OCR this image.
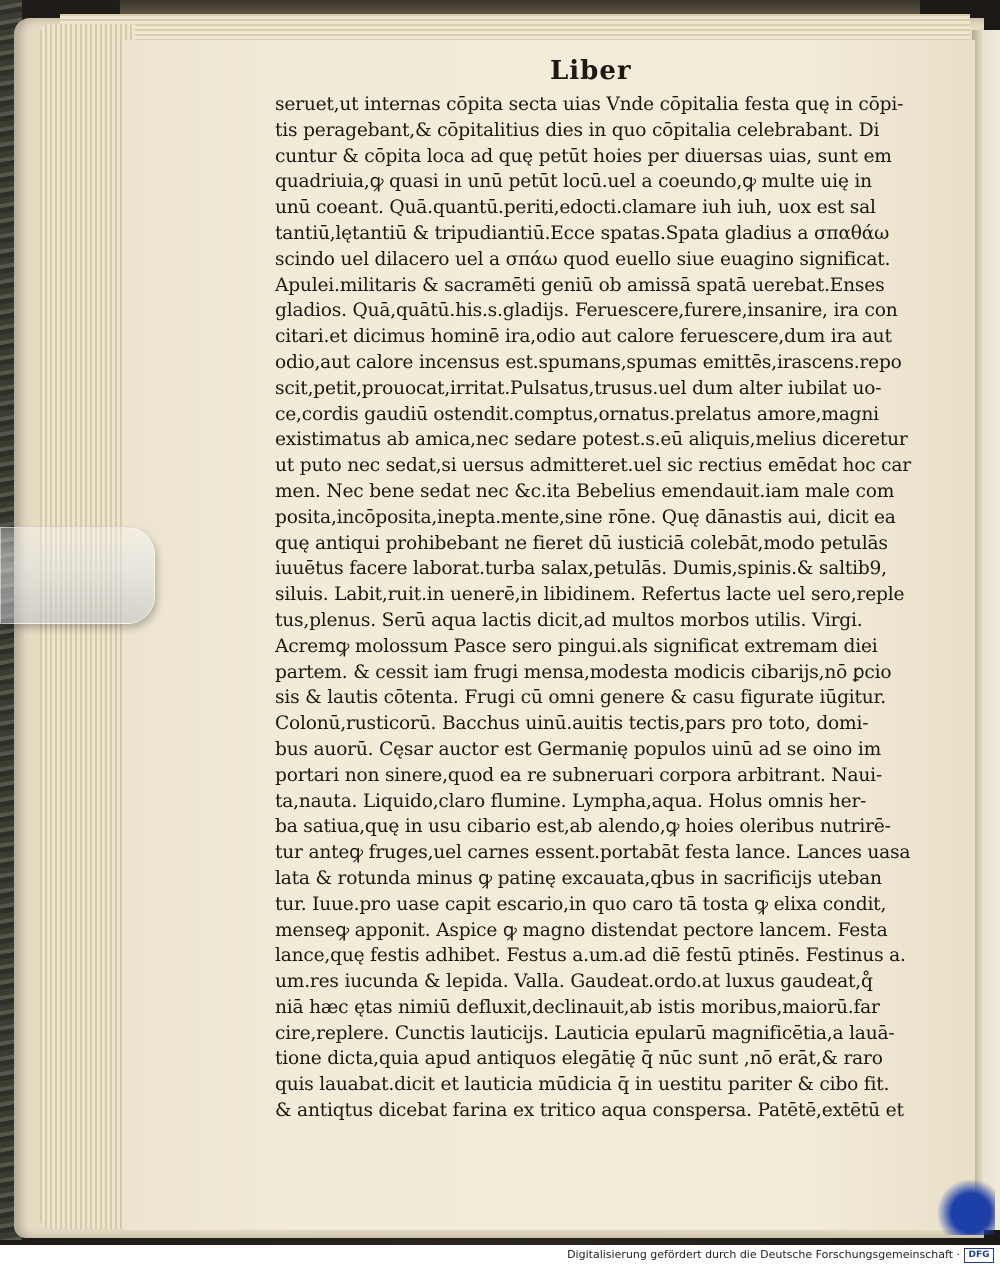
Liber
seruet,ut internas cōpita secta uias Vnde cōpitalia festa quę in cōpi-
tis peragebant,& cōpitalitius dies in quo cōpitalia celebrabant. Di
cuntur & cōpita loca ad quę petūt hoies per diuersas uias, sunt em
quadriuia,ꝙ quasi in unū petūt locū.uel a coeundo,ꝙ multe uię in
unū coeant. Quā.quantū.periti,edocti.clamare iuh iuh, uox est sal
tantiū,lętantiū & tripudiantiū.Ecce spatas.Spata gladius a σπαθάω
scindo uel dilacero uel a σπάω quod euello siue euagino significat.
Apulei.militaris & sacramēti geniū ob amissā spatā uerebat.Enses
gladios. Quā,quātū.his.s.gladijs. Feruescere,furere,insanire, ira con
citari.et dicimus hominē ira,odio aut calore feruescere,dum ira aut
odio,aut calore incensus est.spumans,spumas emittēs,irascens.repo
scit,petit,prouocat,irritat.Pulsatus,trusus.uel dum alter iubilat uo-
ce,cordis gaudiū ostendit.comptus,ornatus.prelatus amore,magni
existimatus ab amica,nec sedare potest.s.eū aliquis,melius diceretur
ut puto nec sedat,si uersus admitteret.uel sic rectius emēdat hoc car
men. Nec bene sedat nec &c.ita Bebelius emendauit.iam male com
posita,incōposita,inepta.mente,sine rōne. Quę dānastis aui, dicit ea
quę antiqui prohibebant ne fieret dū iusticiā colebāt,modo petulās
iuuētus facere laborat.turba salax,petulās. Dumis,spinis.& saltib9,
siluis. Labit,ruit.in uenerē,in libidinem. Refertus lacte uel sero,reple
tus,plenus. Serū aqua lactis dicit,ad multos morbos utilis. Virgi.
Acremꝙ molossum Pasce sero pingui.als significat extremam diei
partem. & cessit iam frugi mensa,modesta modicis cibarijs,nō ꝑcio
sis & lautis cōtenta. Frugi cū omni genere & casu figurate iūgitur.
Colonū,rusticorū. Bacchus uinū.auitis tectis,pars pro toto, domi-
bus auorū. Cęsar auctor est Germanię populos uinū ad se oino im
portari non sinere,quod ea re subneruari corpora arbitrant. Naui-
ta,nauta. Liquido,claro flumine. Lympha,aqua. Holus omnis her-
ba satiua,quę in usu cibario est,ab alendo,ꝙ hoies oleribus nutrirē-
tur anteꝙ fruges,uel carnes essent.portabāt festa lance. Lances uasa
lata & rotunda minus ꝙ patinę excauata,qbus in sacrificijs uteban
tur. Iuue.pro uase capit escario,in quo caro tā tosta ꝙ elixa condit,
menseꝙ apponit. Aspice ꝙ magno distendat pectore lancem. Festa
lance,quę festis adhibet. Festus a.um.ad diē festū ptinēs. Festinus a.
um.res iucunda & lepida. Valla. Gaudeat.ordo.at luxus gaudeat,q̊
niā hæc ętas nimiū defluxit,declinauit,ab istis moribus,maiorū.far
cire,replere. Cunctis lauticijs. Lauticia epularū magnificētia,a lauā-
tione dicta,quia apud antiquos elegātię q̄ nūc sunt ,nō erāt,& raro
quis lauabat.dicit et lauticia mūdicia q̄ in uestitu pariter & cibo fit.
& antiqtus dicebat farina ex tritico aqua conspersa. Patētē,extētū et
Digitalisierung gefördert durch die Deutsche Forschungsgemeinschaft · DFG
